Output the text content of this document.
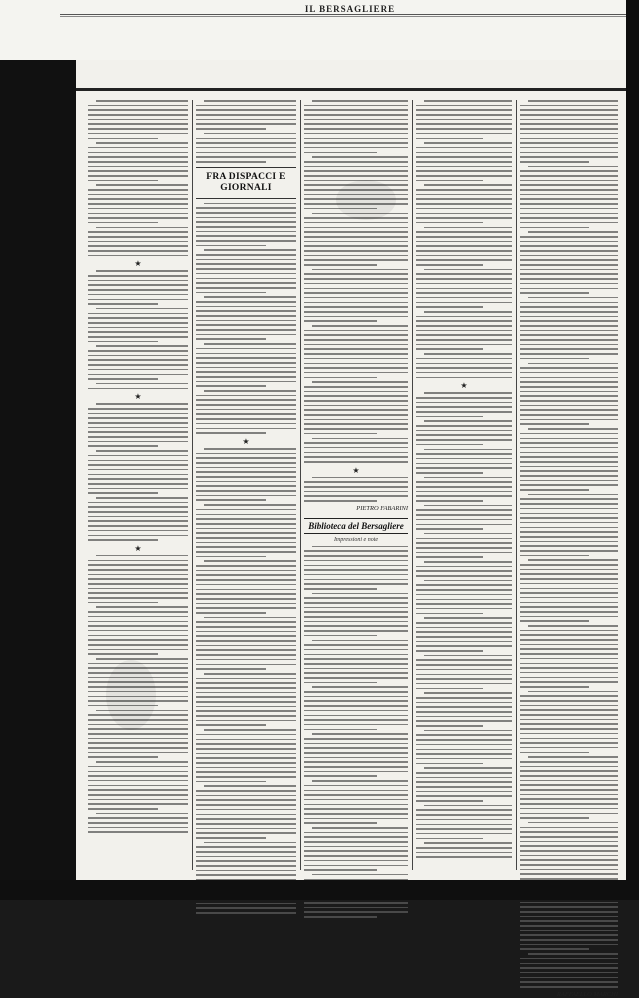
IL BERSAGLIERE
★
★
★
FRA DISPACCI E GIORNALI
★
★
PIETRO FABARINI
Biblioteca del Bersagliere
Impressioni e note
★
RAFFAELLO MARCHI
